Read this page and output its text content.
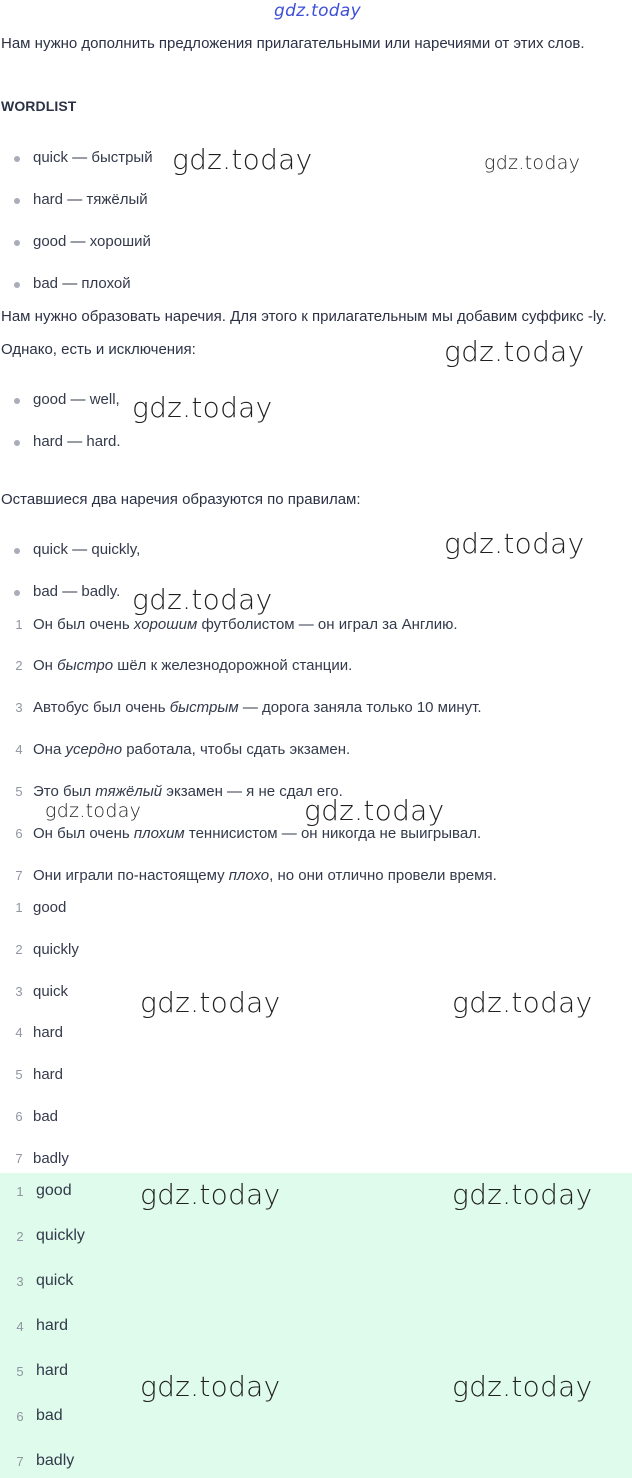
gdz.today
Нам нужно дополнить предложения прилагательными или наречиями от этих слов.
WORDLIST
quick — быстрый
hard — тяжёлый
good — хороший
bad — плохой
Нам нужно образовать наречия. Для этого к прилагательным мы добавим суффикс -ly. Однако, есть и исключения:
good — well,
hard — hard.
Оставшиеся два наречия образуются по правилам:
quick — quickly,
bad — badly.
1 Он был очень хорошим футболистом — он играл за Англию.
2 Он быстро шёл к железнодорожной станции.
3 Автобус был очень быстрым — дорога заняла только 10 минут.
4 Она усердно работала, чтобы сдать экзамен.
5 Это был тяжёлый экзамен — я не сдал его.
6 Он был очень плохим теннисистом — он никогда не выигрывал.
7 Они играли по-настоящему плохо, но они отлично провели время.
1 good
2 quickly
3 quick
4 hard
5 hard
6 bad
7 badly
1 good
2 quickly
3 quick
4 hard
5 hard
6 bad
7 badly
gdz.today	gdz.today
gdz.today
gdz.today
gdz.today
gdz.today
gdz.today	gdz.today
gdz.today	gdz.today
gdz.today	gdz.today
gdz.today	gdz.today
